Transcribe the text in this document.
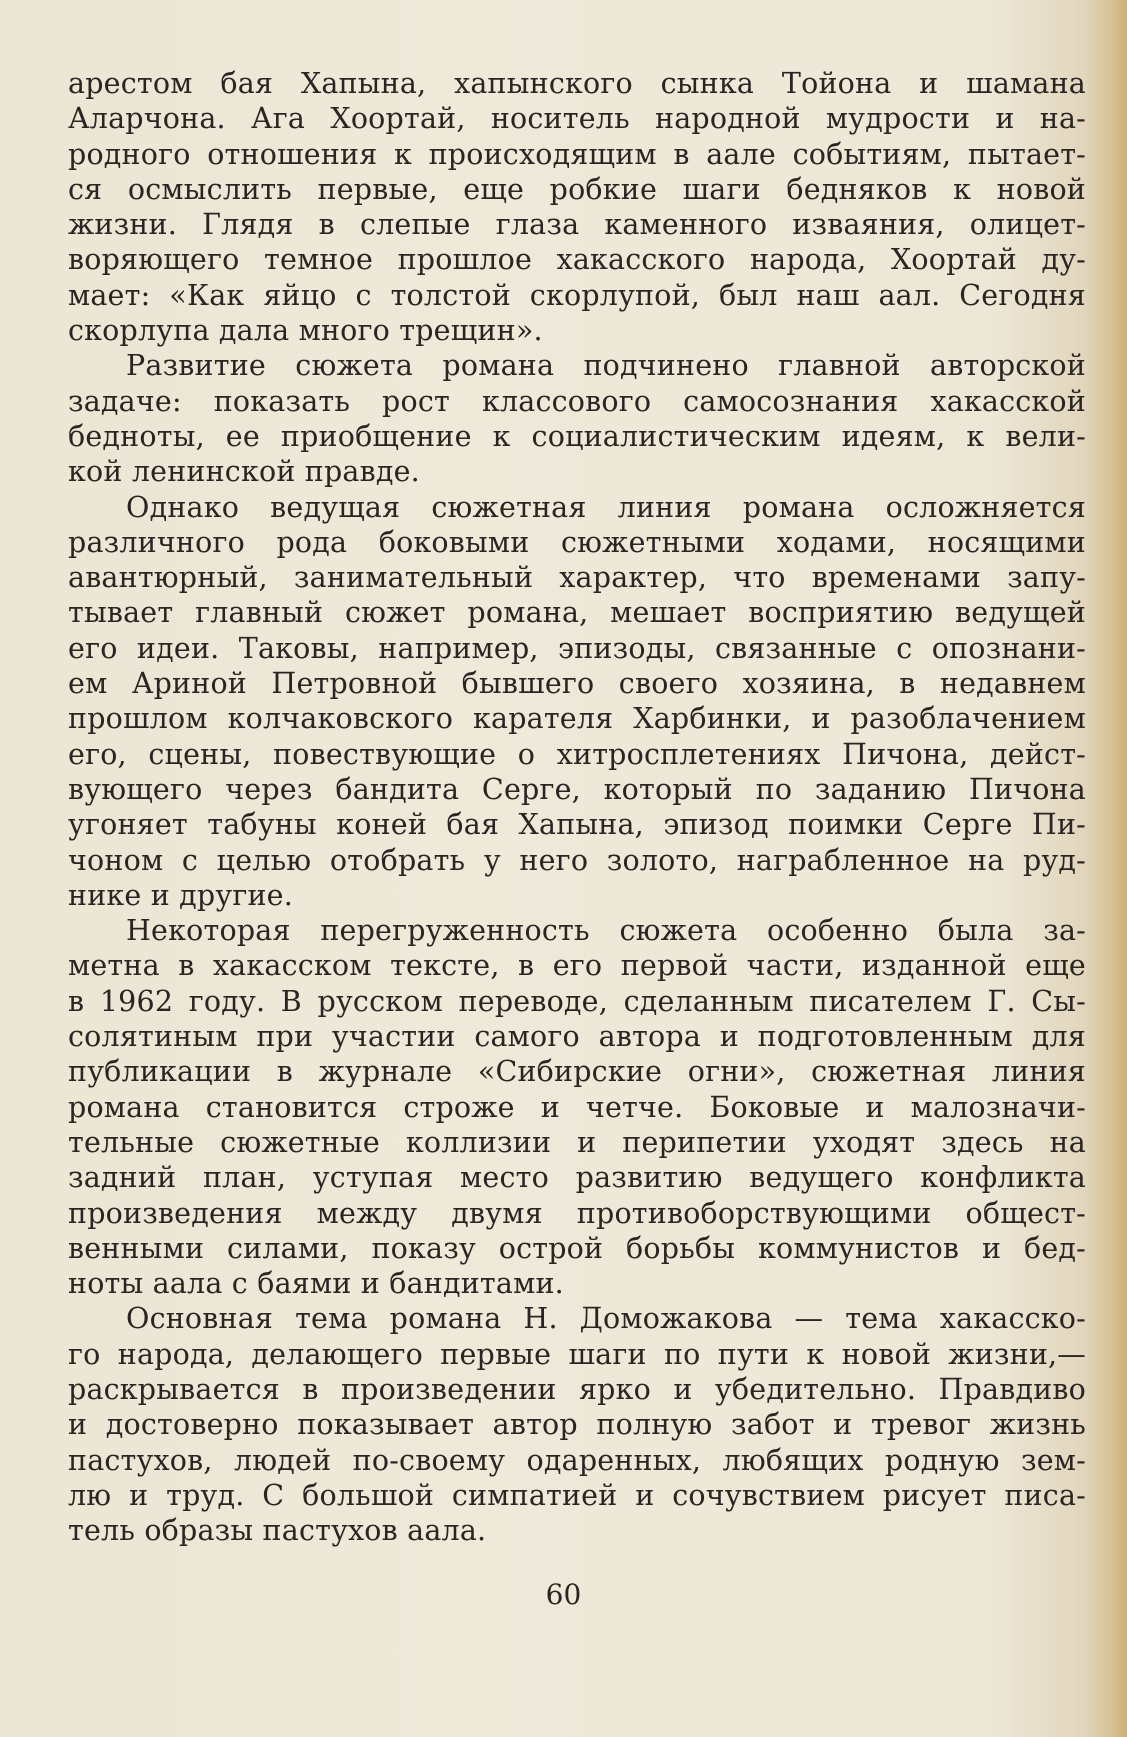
арестом бая Хапына, хапынского сынка Тойона и шамана
Аларчона. Ага Хоортай, носитель народной мудрости и на-
родного отношения к происходящим в аале событиям, пытает-
ся осмыслить первые, еще робкие шаги бедняков к новой
жизни. Глядя в слепые глаза каменного изваяния, олицет-
воряющего темное прошлое хакасского народа, Хоортай ду-
мает: «Как яйцо с толстой скорлупой, был наш аал. Сегодня
скорлупа дала много трещин».
Развитие сюжета романа подчинено главной авторской
задаче: показать рост классового самосознания хакасской
бедноты, ее приобщение к социалистическим идеям, к вели-
кой ленинской правде.
Однако ведущая сюжетная линия романа осложняется
различного рода боковыми сюжетными ходами, носящими
авантюрный, занимательный характер, что временами запу-
тывает главный сюжет романа, мешает восприятию ведущей
его идеи. Таковы, например, эпизоды, связанные с опознани-
ем Ариной Петровной бывшего своего хозяина, в недавнем
прошлом колчаковского карателя Харбинки, и разоблачением
его, сцены, повествующие о хитросплетениях Пичона, дейст-
вующего через бандита Серге, который по заданию Пичона
угоняет табуны коней бая Хапына, эпизод поимки Серге Пи-
чоном с целью отобрать у него золото, награбленное на руд-
нике и другие.
Некоторая перегруженность сюжета особенно была за-
метна в хакасском тексте, в его первой части, изданной еще
в 1962 году. В русском переводе, сделанным писателем Г. Сы-
солятиным при участии самого автора и подготовленным для
публикации в журнале «Сибирские огни», сюжетная линия
романа становится строже и четче. Боковые и малозначи-
тельные сюжетные коллизии и перипетии уходят здесь на
задний план, уступая место развитию ведущего конфликта
произведения между двумя противоборствующими общест-
венными силами, показу острой борьбы коммунистов и бед-
ноты аала с баями и бандитами.
Основная тема романа Н. Доможакова — тема хакасско-
го народа, делающего первые шаги по пути к новой жизни,—
раскрывается в произведении ярко и убедительно. Правдиво
и достоверно показывает автор полную забот и тревог жизнь
пастухов, людей по-своему одаренных, любящих родную зем-
лю и труд. С большой симпатией и сочувствием рисует писа-
тель образы пастухов аала.
60
